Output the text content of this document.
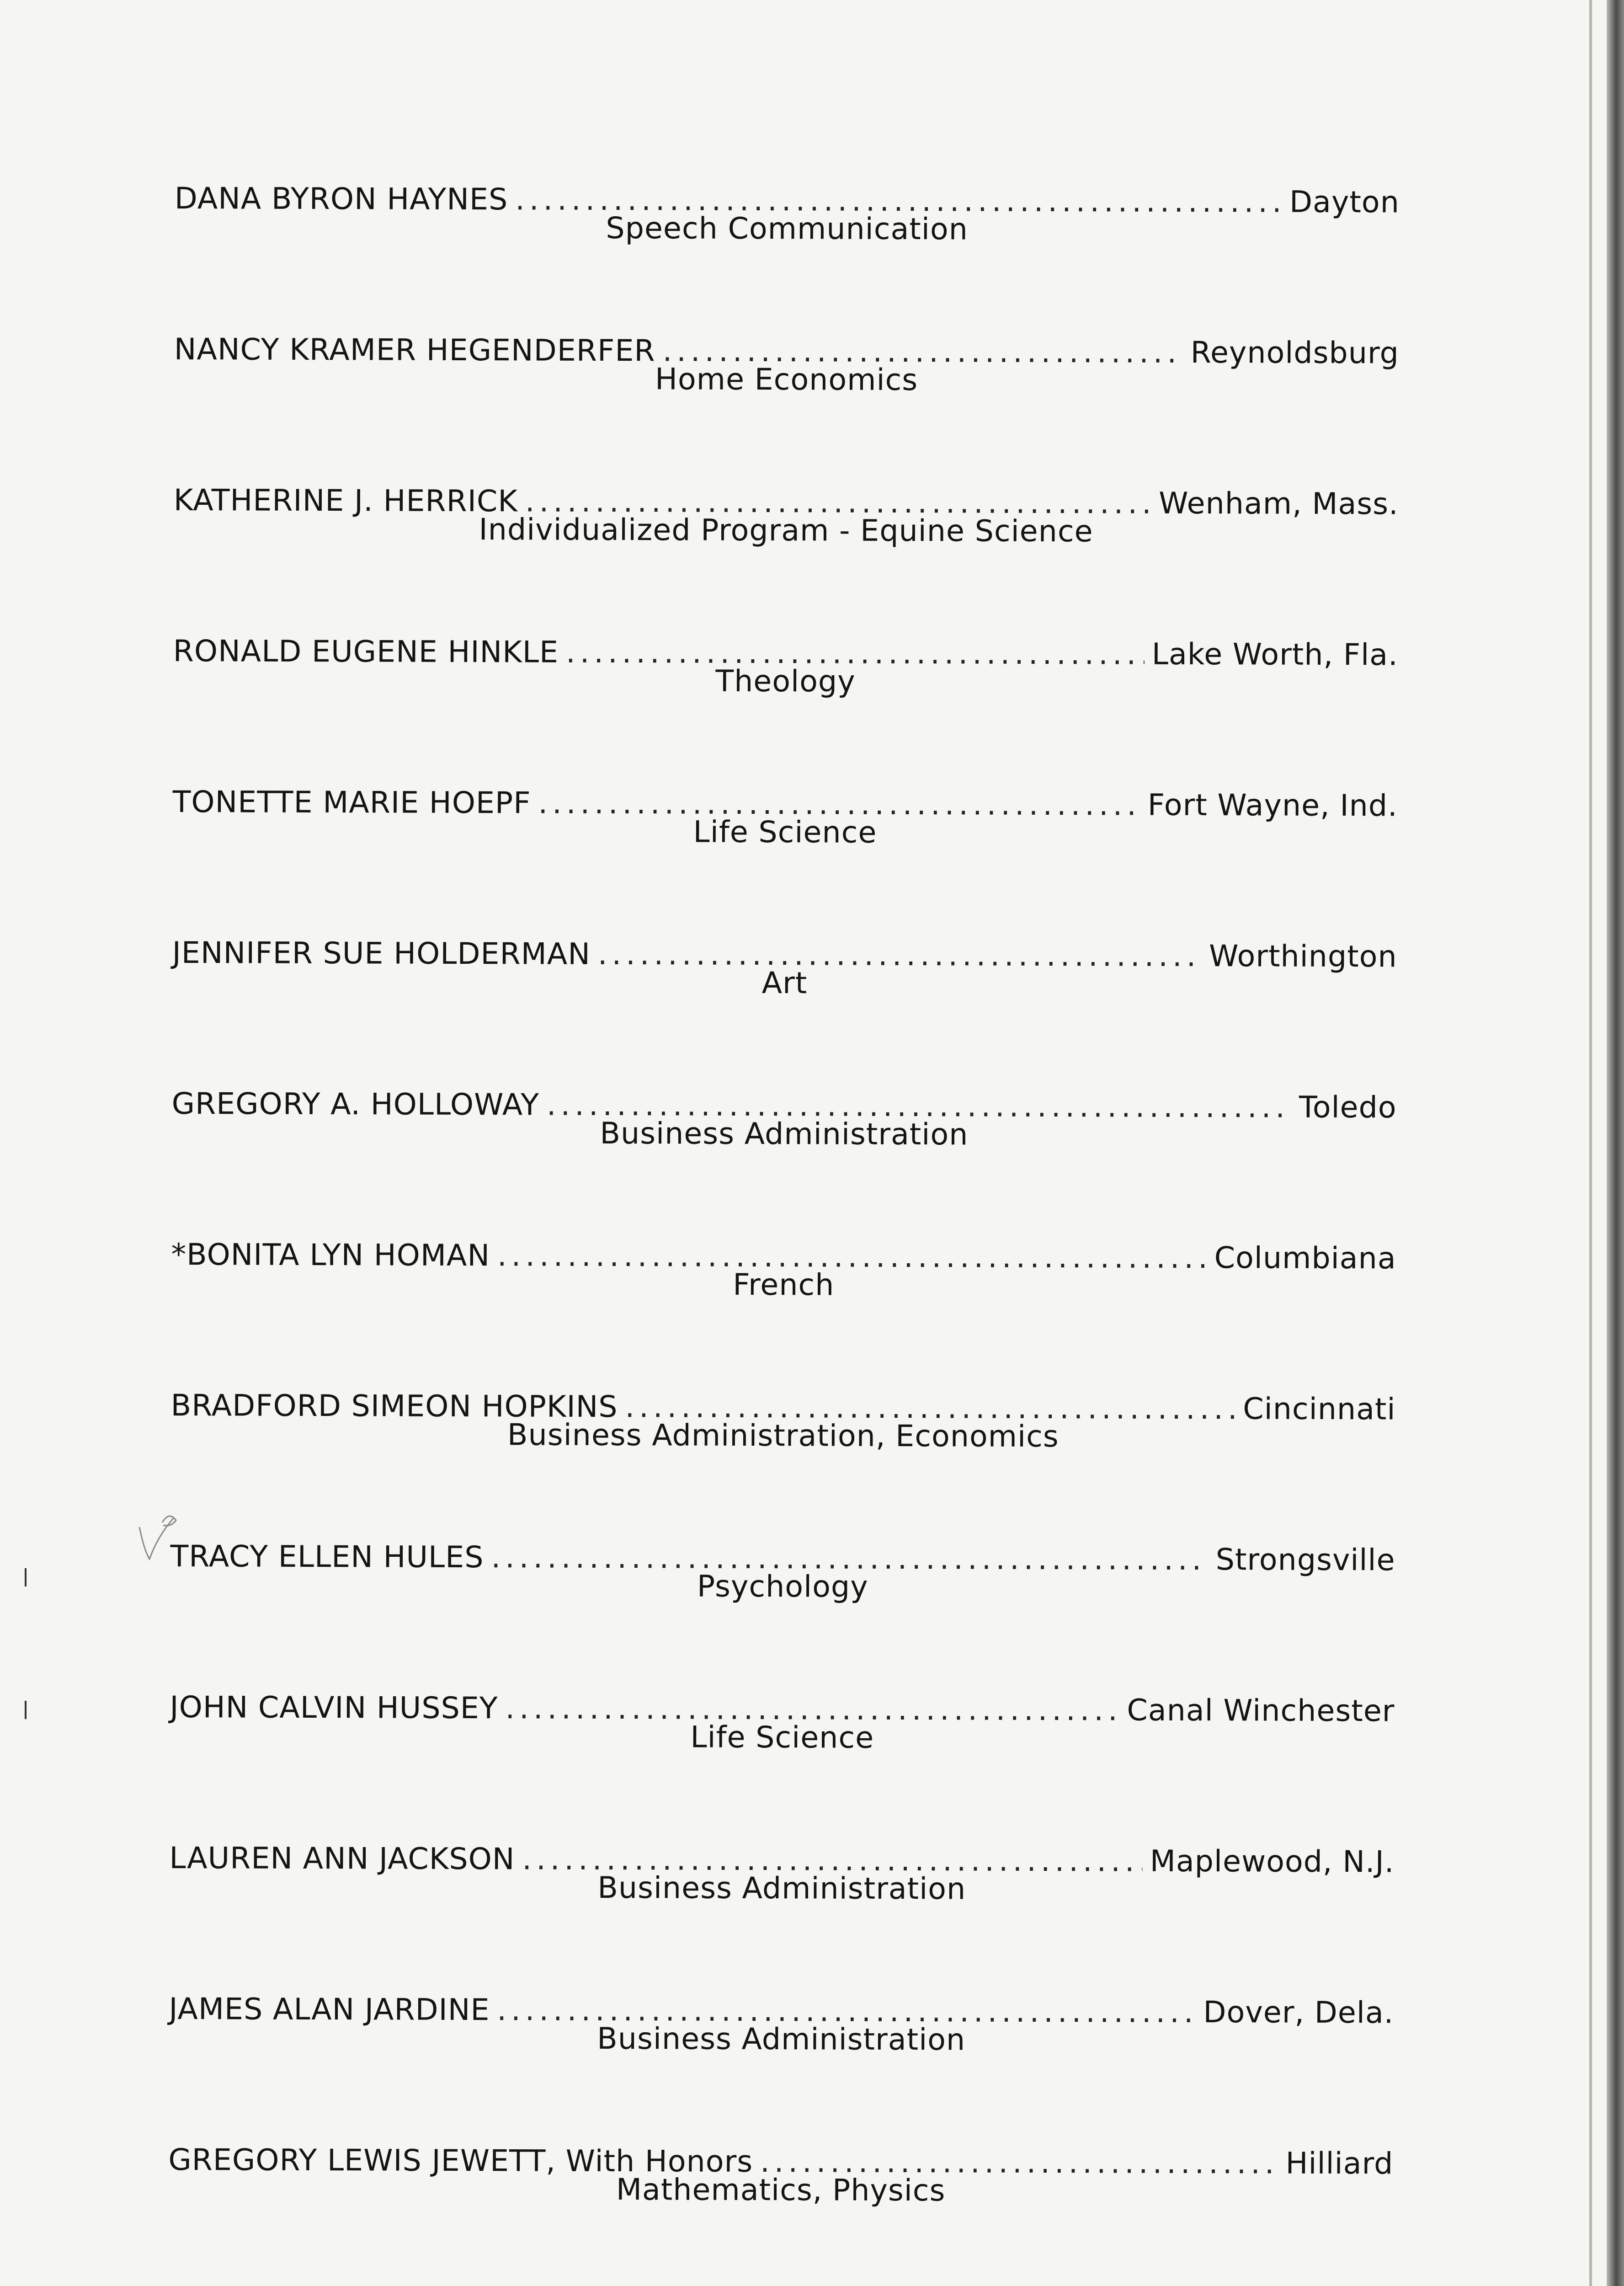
DANA BYRON HAYNES .....	Dayton
Speech Communication
NANCY KRAMER HEGENDERFER .....	Reynoldsburg
Home Economics
KATHERINE J. HERRICK .....	Wenham, Mass.
Individualized Program - Equine Science
RONALD EUGENE HINKLE .....	Lake Worth, Fla.
Theology
TONETTE MARIE HOEPF .....	Fort Wayne, Ind.
Life Science
JENNIFER SUE HOLDERMAN .....	Worthington
Art
GREGORY A. HOLLOWAY .....	Toledo
Business Administration
*BONITA LYN HOMAN .....	Columbiana
French
BRADFORD SIMEON HOPKINS .....	Cincinnati
Business Administration, Economics
TRACY ELLEN HULES .....	Strongsville
Psychology
JOHN CALVIN HUSSEY .....	Canal Winchester
Life Science
LAUREN ANN JACKSON .....	Maplewood, N.J.
Business Administration
JAMES ALAN JARDINE .....	Dover, Dela.
Business Administration
GREGORY LEWIS JEWETT, With Honors .....	Hilliard
Mathematics, Physics
